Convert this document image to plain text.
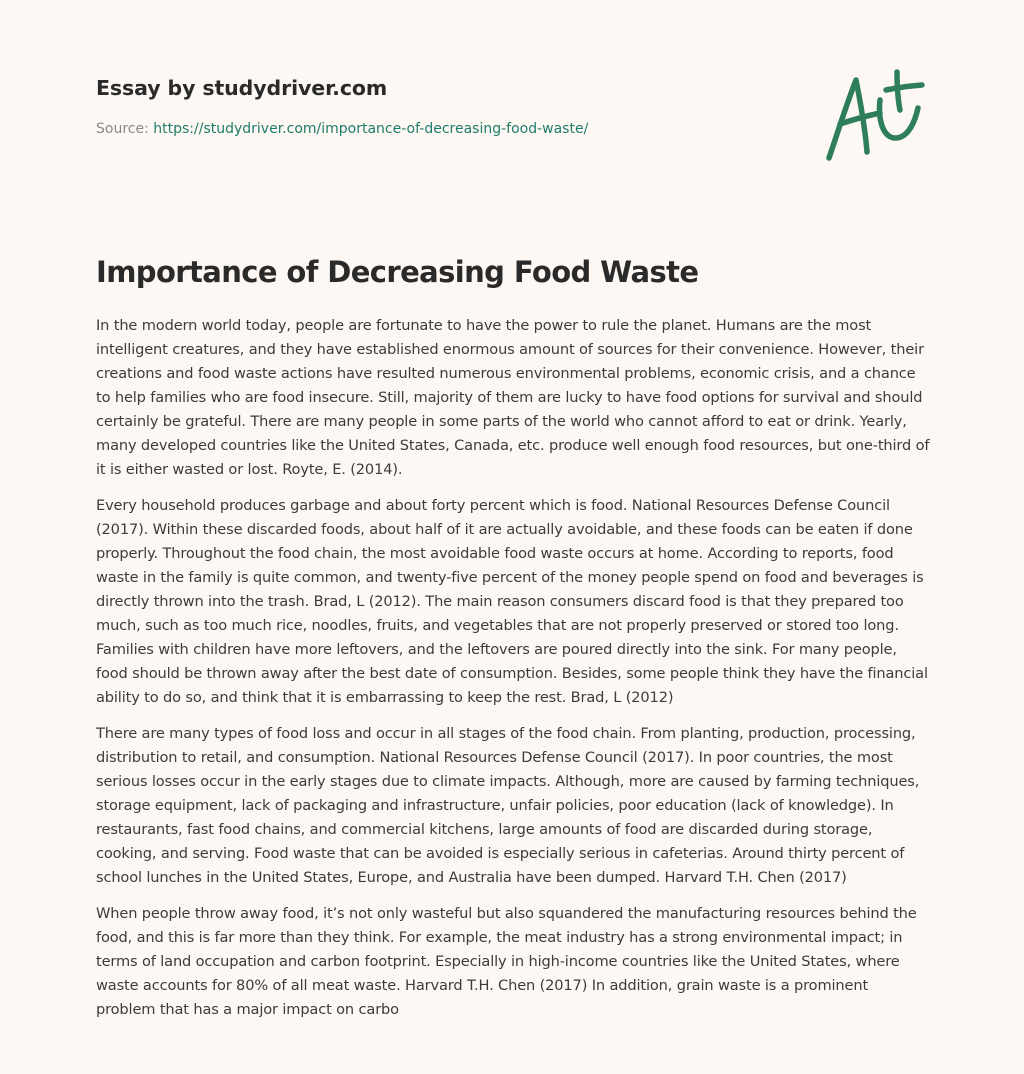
Essay by studydriver.com
Source: https://studydriver.com/importance-of-decreasing-food-waste/
Importance of Decreasing Food Waste

In the modern world today, people are fortunate to have the power to rule the planet. Humans are the most intelligent creatures, and they have established enormous amount of sources for their convenience. However, their creations and food waste actions have resulted numerous environmental problems, economic crisis, and a chance to help families who are food insecure. Still, majority of them are lucky to have food options for survival and should certainly be grateful. There are many people in some parts of the world who cannot afford to eat or drink. Yearly, many developed countries like the United States, Canada, etc. produce well enough food resources, but one-third of it is either wasted or lost. Royte, E. (2014).

Every household produces garbage and about forty percent which is food. National Resources Defense Council (2017). Within these discarded foods, about half of it are actually avoidable, and these foods can be eaten if done properly. Throughout the food chain, the most avoidable food waste occurs at home. According to reports, food waste in the family is quite common, and twenty-five percent of the money people spend on food and beverages is directly thrown into the trash. Brad, L (2012). The main reason consumers discard food is that they prepared too much, such as too much rice, noodles, fruits, and vegetables that are not properly preserved or stored too long. Families with children have more leftovers, and the leftovers are poured directly into the sink. For many people, food should be thrown away after the best date of consumption. Besides, some people think they have the financial ability to do so, and think that it is embarrassing to keep the rest. Brad, L (2012)

There are many types of food loss and occur in all stages of the food chain. From planting, production, processing, distribution to retail, and consumption. National Resources Defense Council (2017). In poor countries, the most serious losses occur in the early stages due to climate impacts. Although, more are caused by farming techniques, storage equipment, lack of packaging and infrastructure, unfair policies, poor education (lack of knowledge). In restaurants, fast food chains, and commercial kitchens, large amounts of food are discarded during storage, cooking, and serving. Food waste that can be avoided is especially serious in cafeterias. Around thirty percent of school lunches in the United States, Europe, and Australia have been dumped. Harvard T.H. Chen (2017)

When people throw away food, it’s not only wasteful but also squandered the manufacturing resources behind the food, and this is far more than they think. For example, the meat industry has a strong environmental impact; in terms of land occupation and carbon footprint. Especially in high-income countries like the United States, where waste accounts for 80% of all meat waste. Harvard T.H. Chen (2017) In addition, grain waste is a prominent problem that has a major impact on carbo
